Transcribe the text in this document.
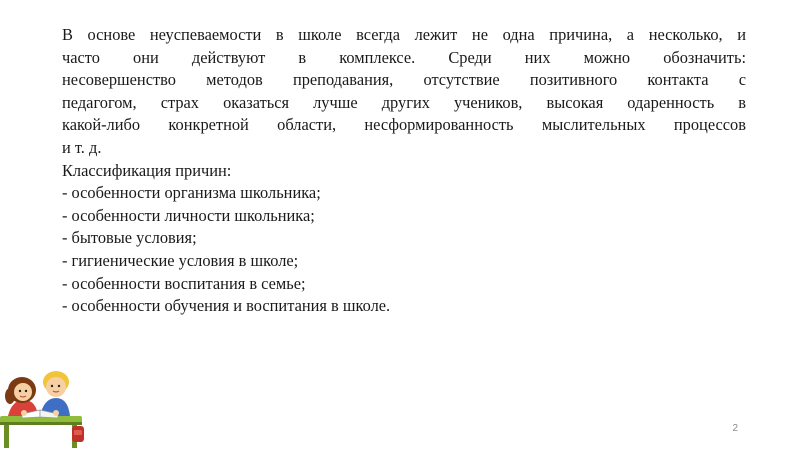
В основе неуспеваемости в школе всегда лежит не одна причина, а несколько, и
часто они действуют в комплексе. Среди них можно обозначить:
несовершенство методов преподавания, отсутствие позитивного контакта с
педагогом, страх оказаться лучше других учеников, высокая одаренность в
какой-либо конкретной области, несформированность мыслительных процессов
и т. д.
Классификация причин:
- особенности организма школьника;
- особенности личности школьника;
- бытовые условия;
- гигиенические условия в школе;
- особенности воспитания в семье;
- особенности обучения и воспитания в школе.
2
